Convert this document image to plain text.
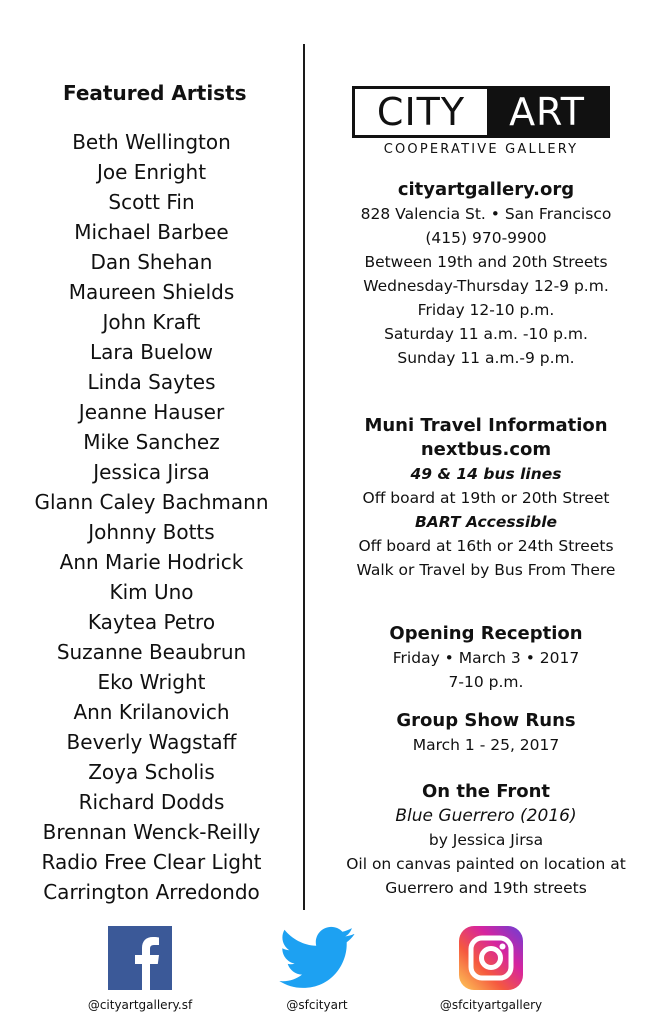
Featured Artists
Beth Wellington
Joe Enright
Scott Fin
Michael Barbee
Dan Shehan
Maureen Shields
John Kraft
Lara Buelow
Linda Saytes
Jeanne Hauser
Mike Sanchez
Jessica Jirsa
Glann Caley Bachmann
Johnny Botts
Ann Marie Hodrick
Kim Uno
Kaytea Petro
Suzanne Beaubrun
Eko Wright
Ann Krilanovich
Beverly Wagstaff
Zoya Scholis
Richard Dodds
Brennan Wenck-Reilly
Radio Free Clear Light
Carrington Arredondo
CITY	ART
COOPERATIVE GALLERY
cityartgallery.org
828 Valencia St. • San Francisco
(415) 970-9900
Between 19th and 20th Streets
Wednesday-Thursday 12-9 p.m.
Friday 12-10 p.m.
Saturday 11 a.m. -10 p.m.
Sunday 11 a.m.-9 p.m.
Muni Travel Information
nextbus.com
49 & 14 bus lines
Off board at 19th or 20th Street
BART Accessible
Off board at 16th or 24th Streets
Walk or Travel by Bus From There
Opening Reception
Friday • March 3 • 2017
7-10 p.m.
Group Show Runs
March 1 - 25, 2017
On the Front
Blue Guerrero (2016)
by Jessica Jirsa
Oil on canvas painted on location at
Guerrero and 19th streets
@cityartgallery.sf	@sfcityart	@sfcityartgallery
